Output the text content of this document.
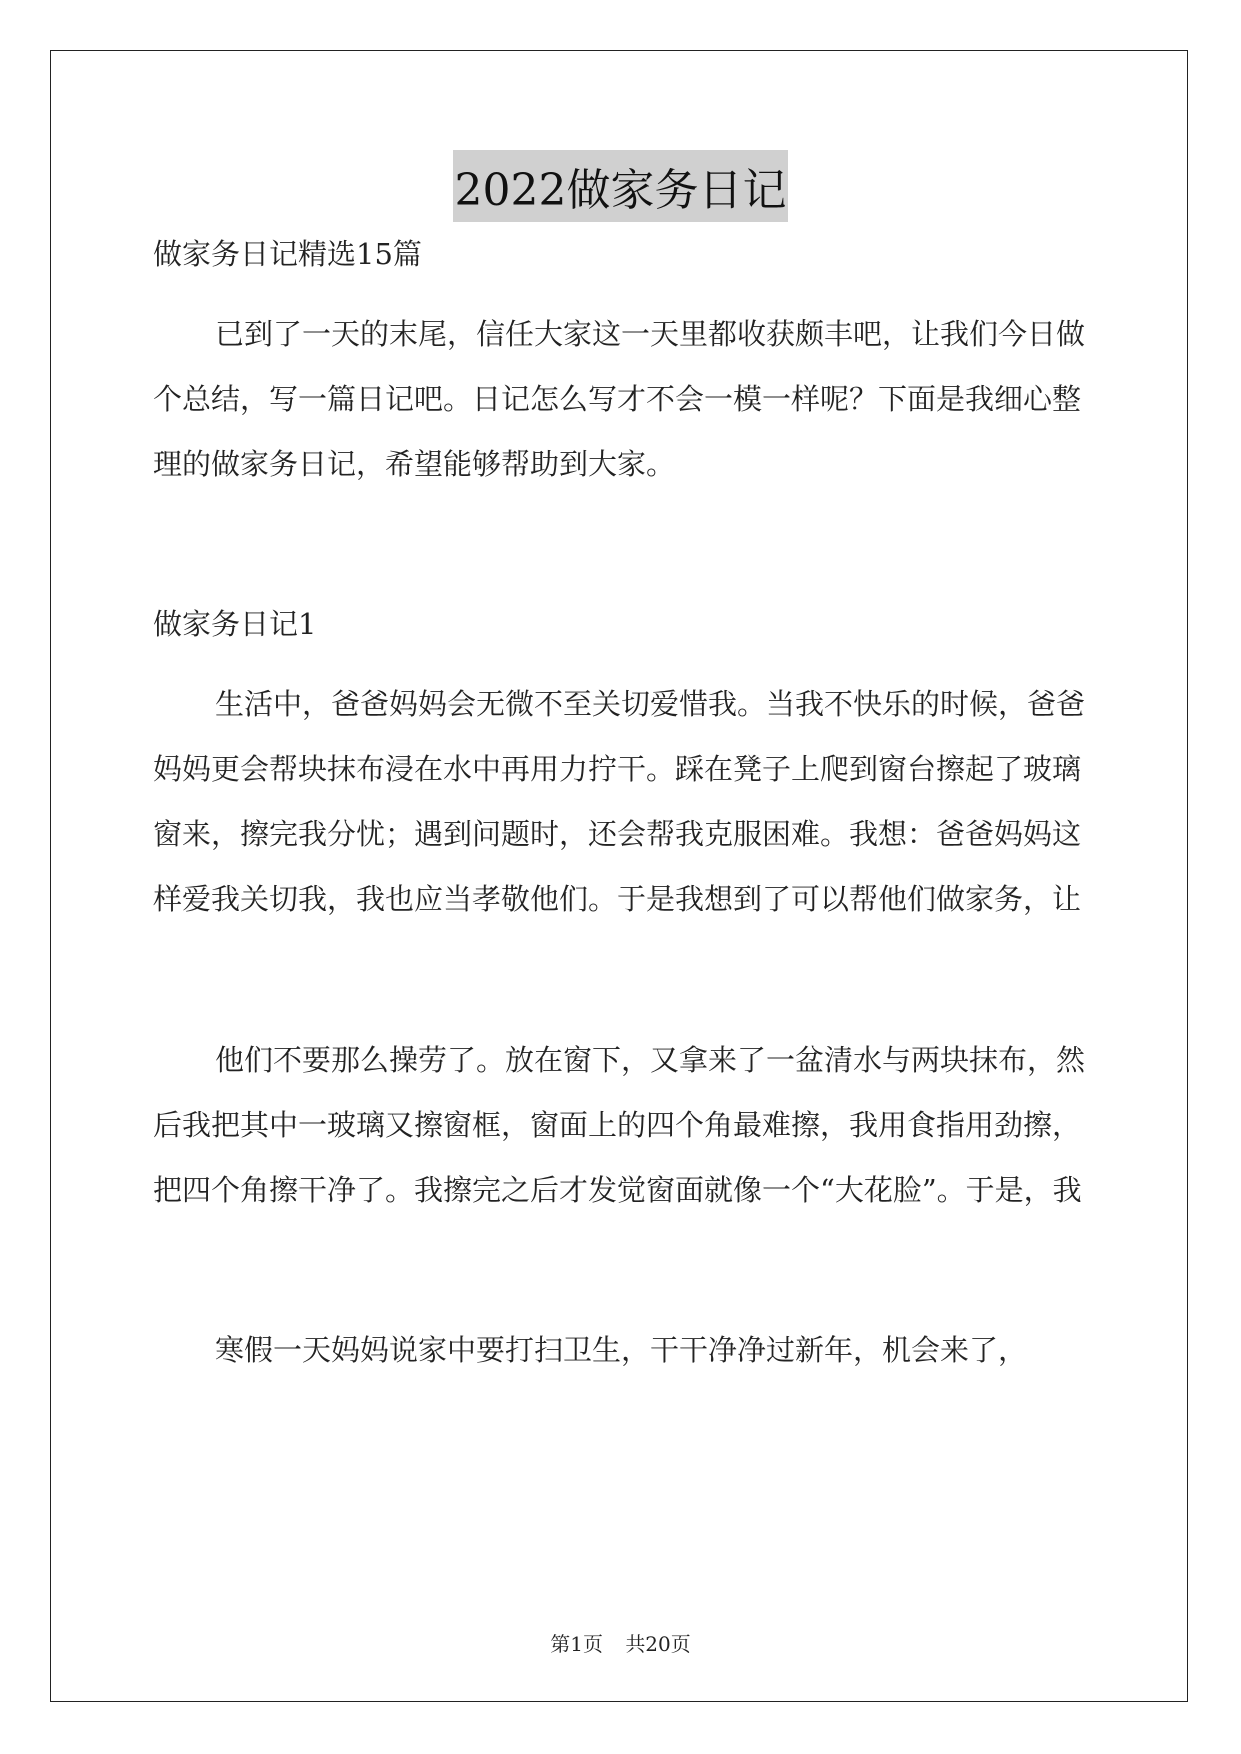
2022做家务日记

做家务日记精选15篇

已到了一天的末尾，信任大家这一天里都收获颇丰吧，让我们今日做个总结，写一篇日记吧。日记怎么写才不会一模一样呢？下面是我细心整理的做家务日记，希望能够帮助到大家。

做家务日记1

生活中，爸爸妈妈会无微不至关切爱惜我。当我不快乐的时候，爸爸妈妈更会帮块抹布浸在水中再用力拧干。踩在凳子上爬到窗台擦起了玻璃窗来，擦完我分忧；遇到问题时，还会帮我克服困难。我想：爸爸妈妈这样爱我关切我，我也应当孝敬他们。于是我想到了可以帮他们做家务，让

他们不要那么操劳了。放在窗下，又拿来了一盆清水与两块抹布，然后我把其中一玻璃又擦窗框，窗面上的四个角最难擦，我用食指用劲擦，把四个角擦干净了。我擦完之后才发觉窗面就像一个“大花脸”。于是，我

寒假一天妈妈说家中要打扫卫生，干干净净过新年，机会来了，

第1页 共20页
